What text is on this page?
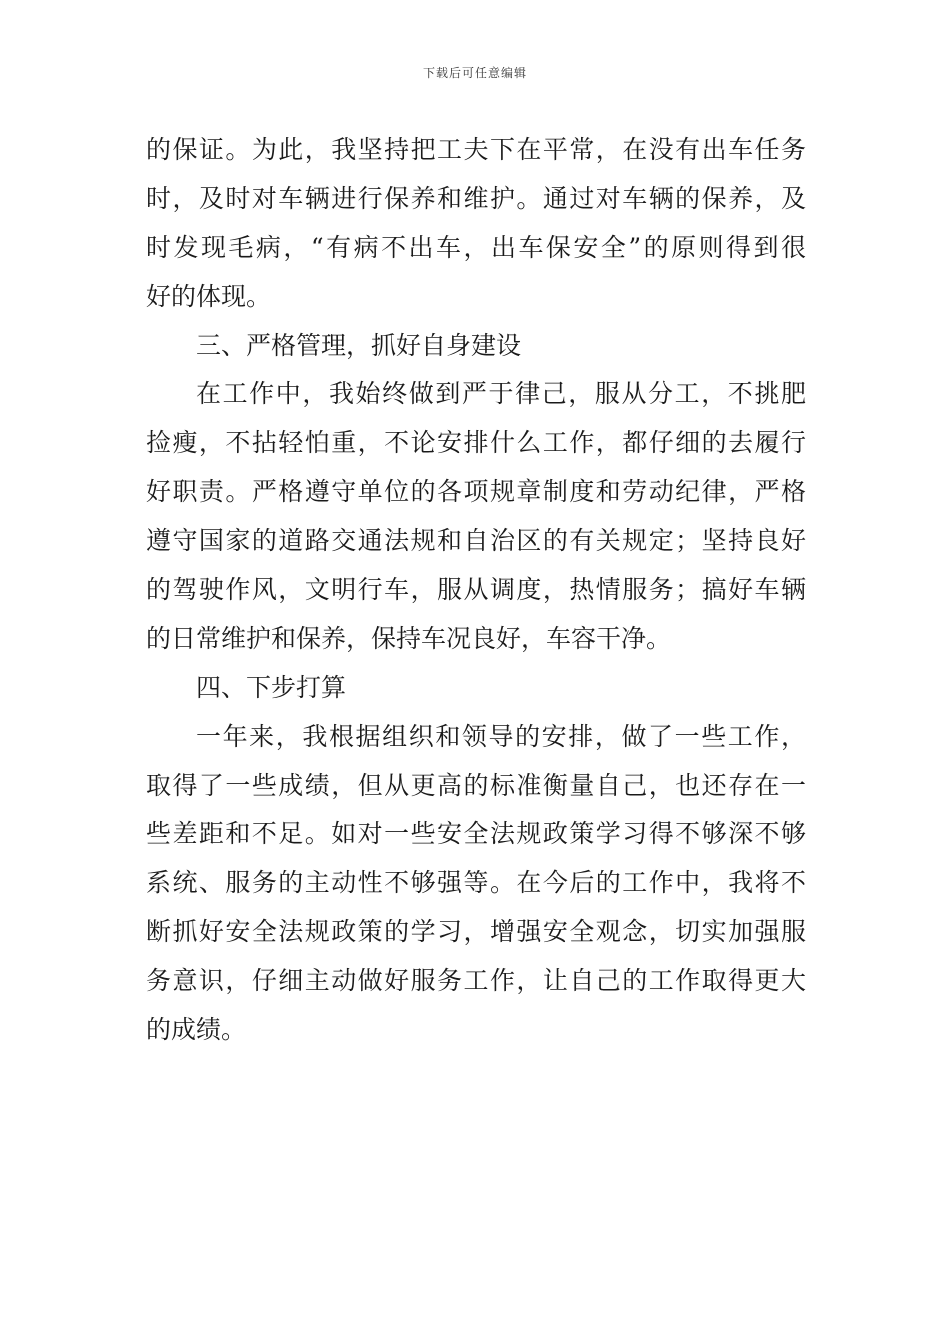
下载后可任意编辑
的保证。为此，我坚持把工夫下在平常，在没有出车任务
时，及时对车辆进行保养和维护。通过对车辆的保养，及
时发现毛病，“有病不出车，出车保安全”的原则得到很
好的体现。
三、严格管理，抓好自身建设
在工作中，我始终做到严于律己，服从分工，不挑肥
捡瘦，不拈轻怕重，不论安排什么工作，都仔细的去履行
好职责。严格遵守单位的各项规章制度和劳动纪律，严格
遵守国家的道路交通法规和自治区的有关规定；坚持良好
的驾驶作风，文明行车，服从调度，热情服务；搞好车辆
的日常维护和保养，保持车况良好，车容干净。
四、下步打算
一年来，我根据组织和领导的安排，做了一些工作，
取得了一些成绩，但从更高的标准衡量自己，也还存在一
些差距和不足。如对一些安全法规政策学习得不够深不够
系统、服务的主动性不够强等。在今后的工作中，我将不
断抓好安全法规政策的学习，增强安全观念，切实加强服
务意识，仔细主动做好服务工作，让自己的工作取得更大
的成绩。
